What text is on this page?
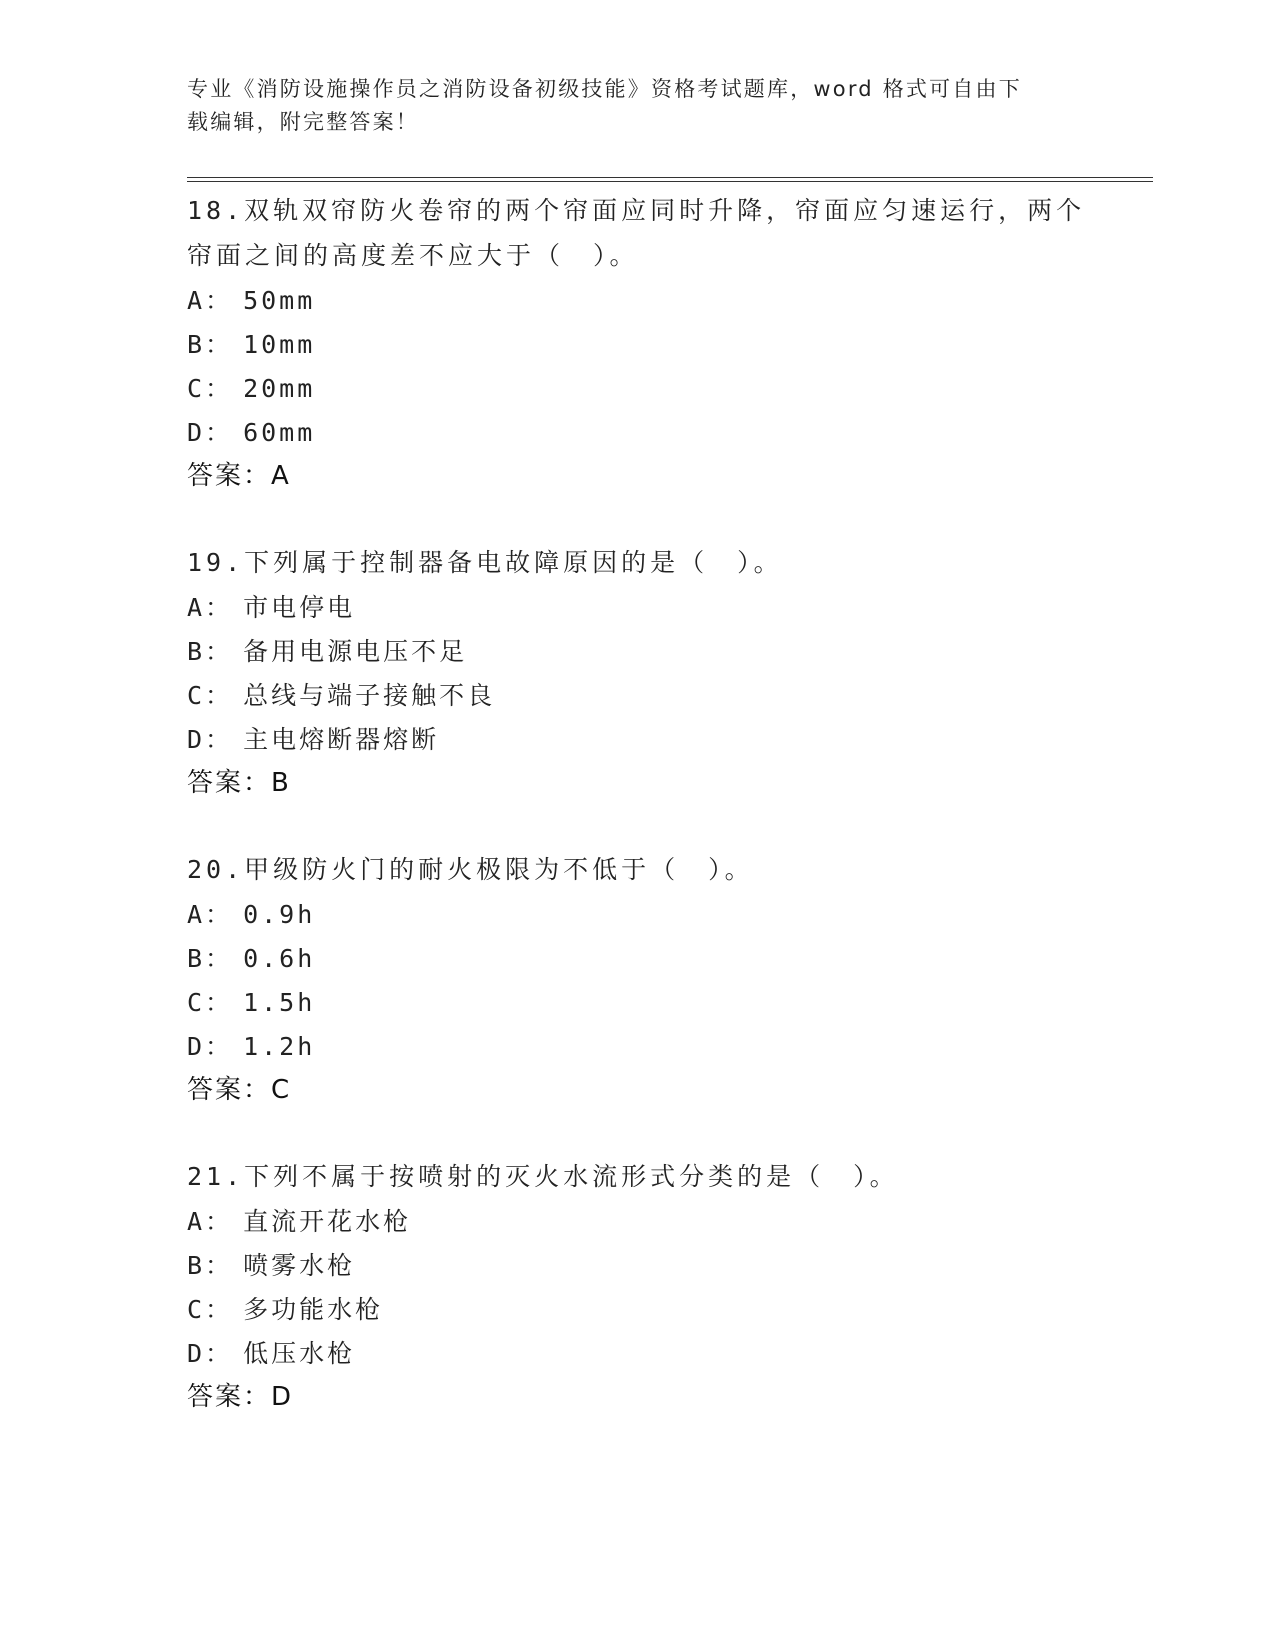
专业《消防设施操作员之消防设备初级技能》资格考试题库，word 格式可自由下
载编辑，附完整答案！
18.双轨双帘防火卷帘的两个帘面应同时升降，帘面应匀速运行，两个
帘面之间的高度差不应大于（　）。
A： 50mm
B： 10mm
C： 20mm
D： 60mm
答案：A
19.下列属于控制器备电故障原因的是（　）。
A： 市电停电
B： 备用电源电压不足
C： 总线与端子接触不良
D： 主电熔断器熔断
答案：B
20.甲级防火门的耐火极限为不低于（　）。
A： 0.9h
B： 0.6h
C： 1.5h
D： 1.2h
答案：C
21.下列不属于按喷射的灭火水流形式分类的是（　）。
A： 直流开花水枪
B： 喷雾水枪
C： 多功能水枪
D： 低压水枪
答案：D
